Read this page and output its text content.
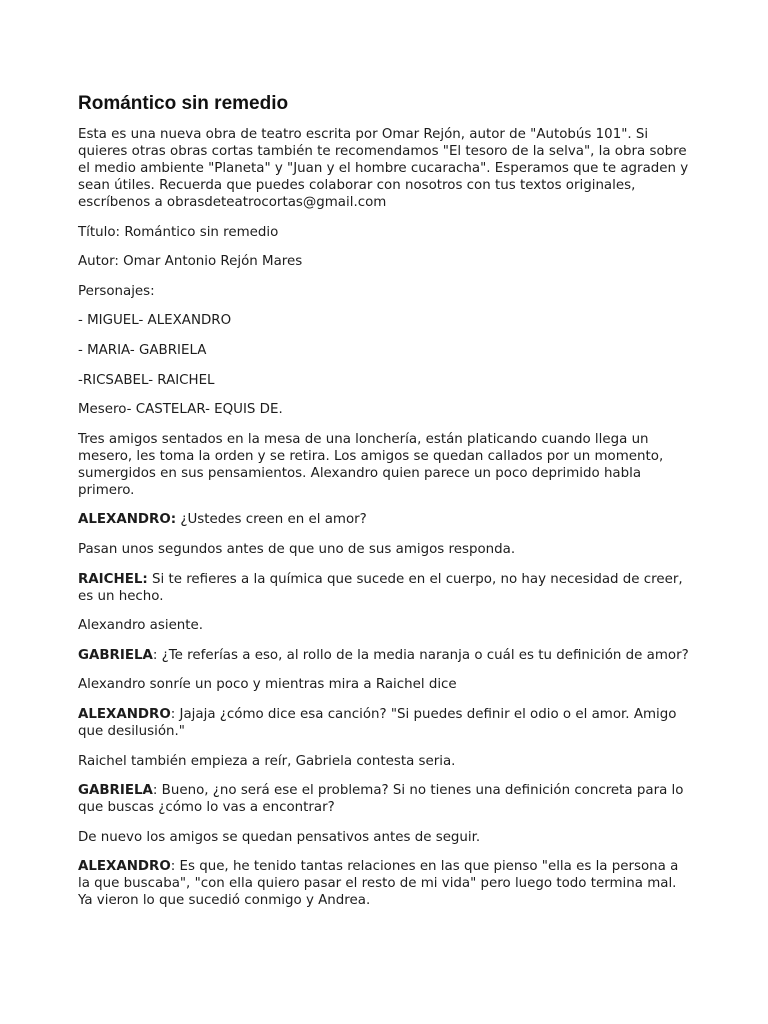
Romántico sin remedio

Esta es una nueva obra de teatro escrita por Omar Rejón, autor de "Autobús 101". Si quieres otras obras cortas también te recomendamos "El tesoro de la selva", la obra sobre el medio ambiente "Planeta" y "Juan y el hombre cucaracha". Esperamos que te agraden y sean útiles. Recuerda que puedes colaborar con nosotros con tus textos originales, escríbenos a obrasdeteatrocortas@gmail.com

Título: Romántico sin remedio

Autor: Omar Antonio Rejón Mares

Personajes:

- MIGUEL- ALEXANDRO

- MARIA- GABRIELA

-RICSABEL- RAICHEL

Mesero- CASTELAR- EQUIS DE.

Tres amigos sentados en la mesa de una lonchería, están platicando cuando llega un mesero, les toma la orden y se retira. Los amigos se quedan callados por un momento, sumergidos en sus pensamientos. Alexandro quien parece un poco deprimido habla primero.

ALEXANDRO: ¿Ustedes creen en el amor?

Pasan unos segundos antes de que uno de sus amigos responda.

RAICHEL: Si te refieres a la química que sucede en el cuerpo, no hay necesidad de creer, es un hecho.

Alexandro asiente.

GABRIELA: ¿Te referías a eso, al rollo de la media naranja o cuál es tu definición de amor?

Alexandro sonríe un poco y mientras mira a Raichel dice

ALEXANDRO: Jajaja ¿cómo dice esa canción? "Si puedes definir el odio o el amor. Amigo que desilusión."

Raichel también empieza a reír, Gabriela contesta seria.

GABRIELA: Bueno, ¿no será ese el problema? Si no tienes una definición concreta para lo que buscas ¿cómo lo vas a encontrar?

De nuevo los amigos se quedan pensativos antes de seguir.

ALEXANDRO: Es que, he tenido tantas relaciones en las que pienso "ella es la persona a la que buscaba", "con ella quiero pasar el resto de mi vida" pero luego todo termina mal. Ya vieron lo que sucedió conmigo y Andrea.
